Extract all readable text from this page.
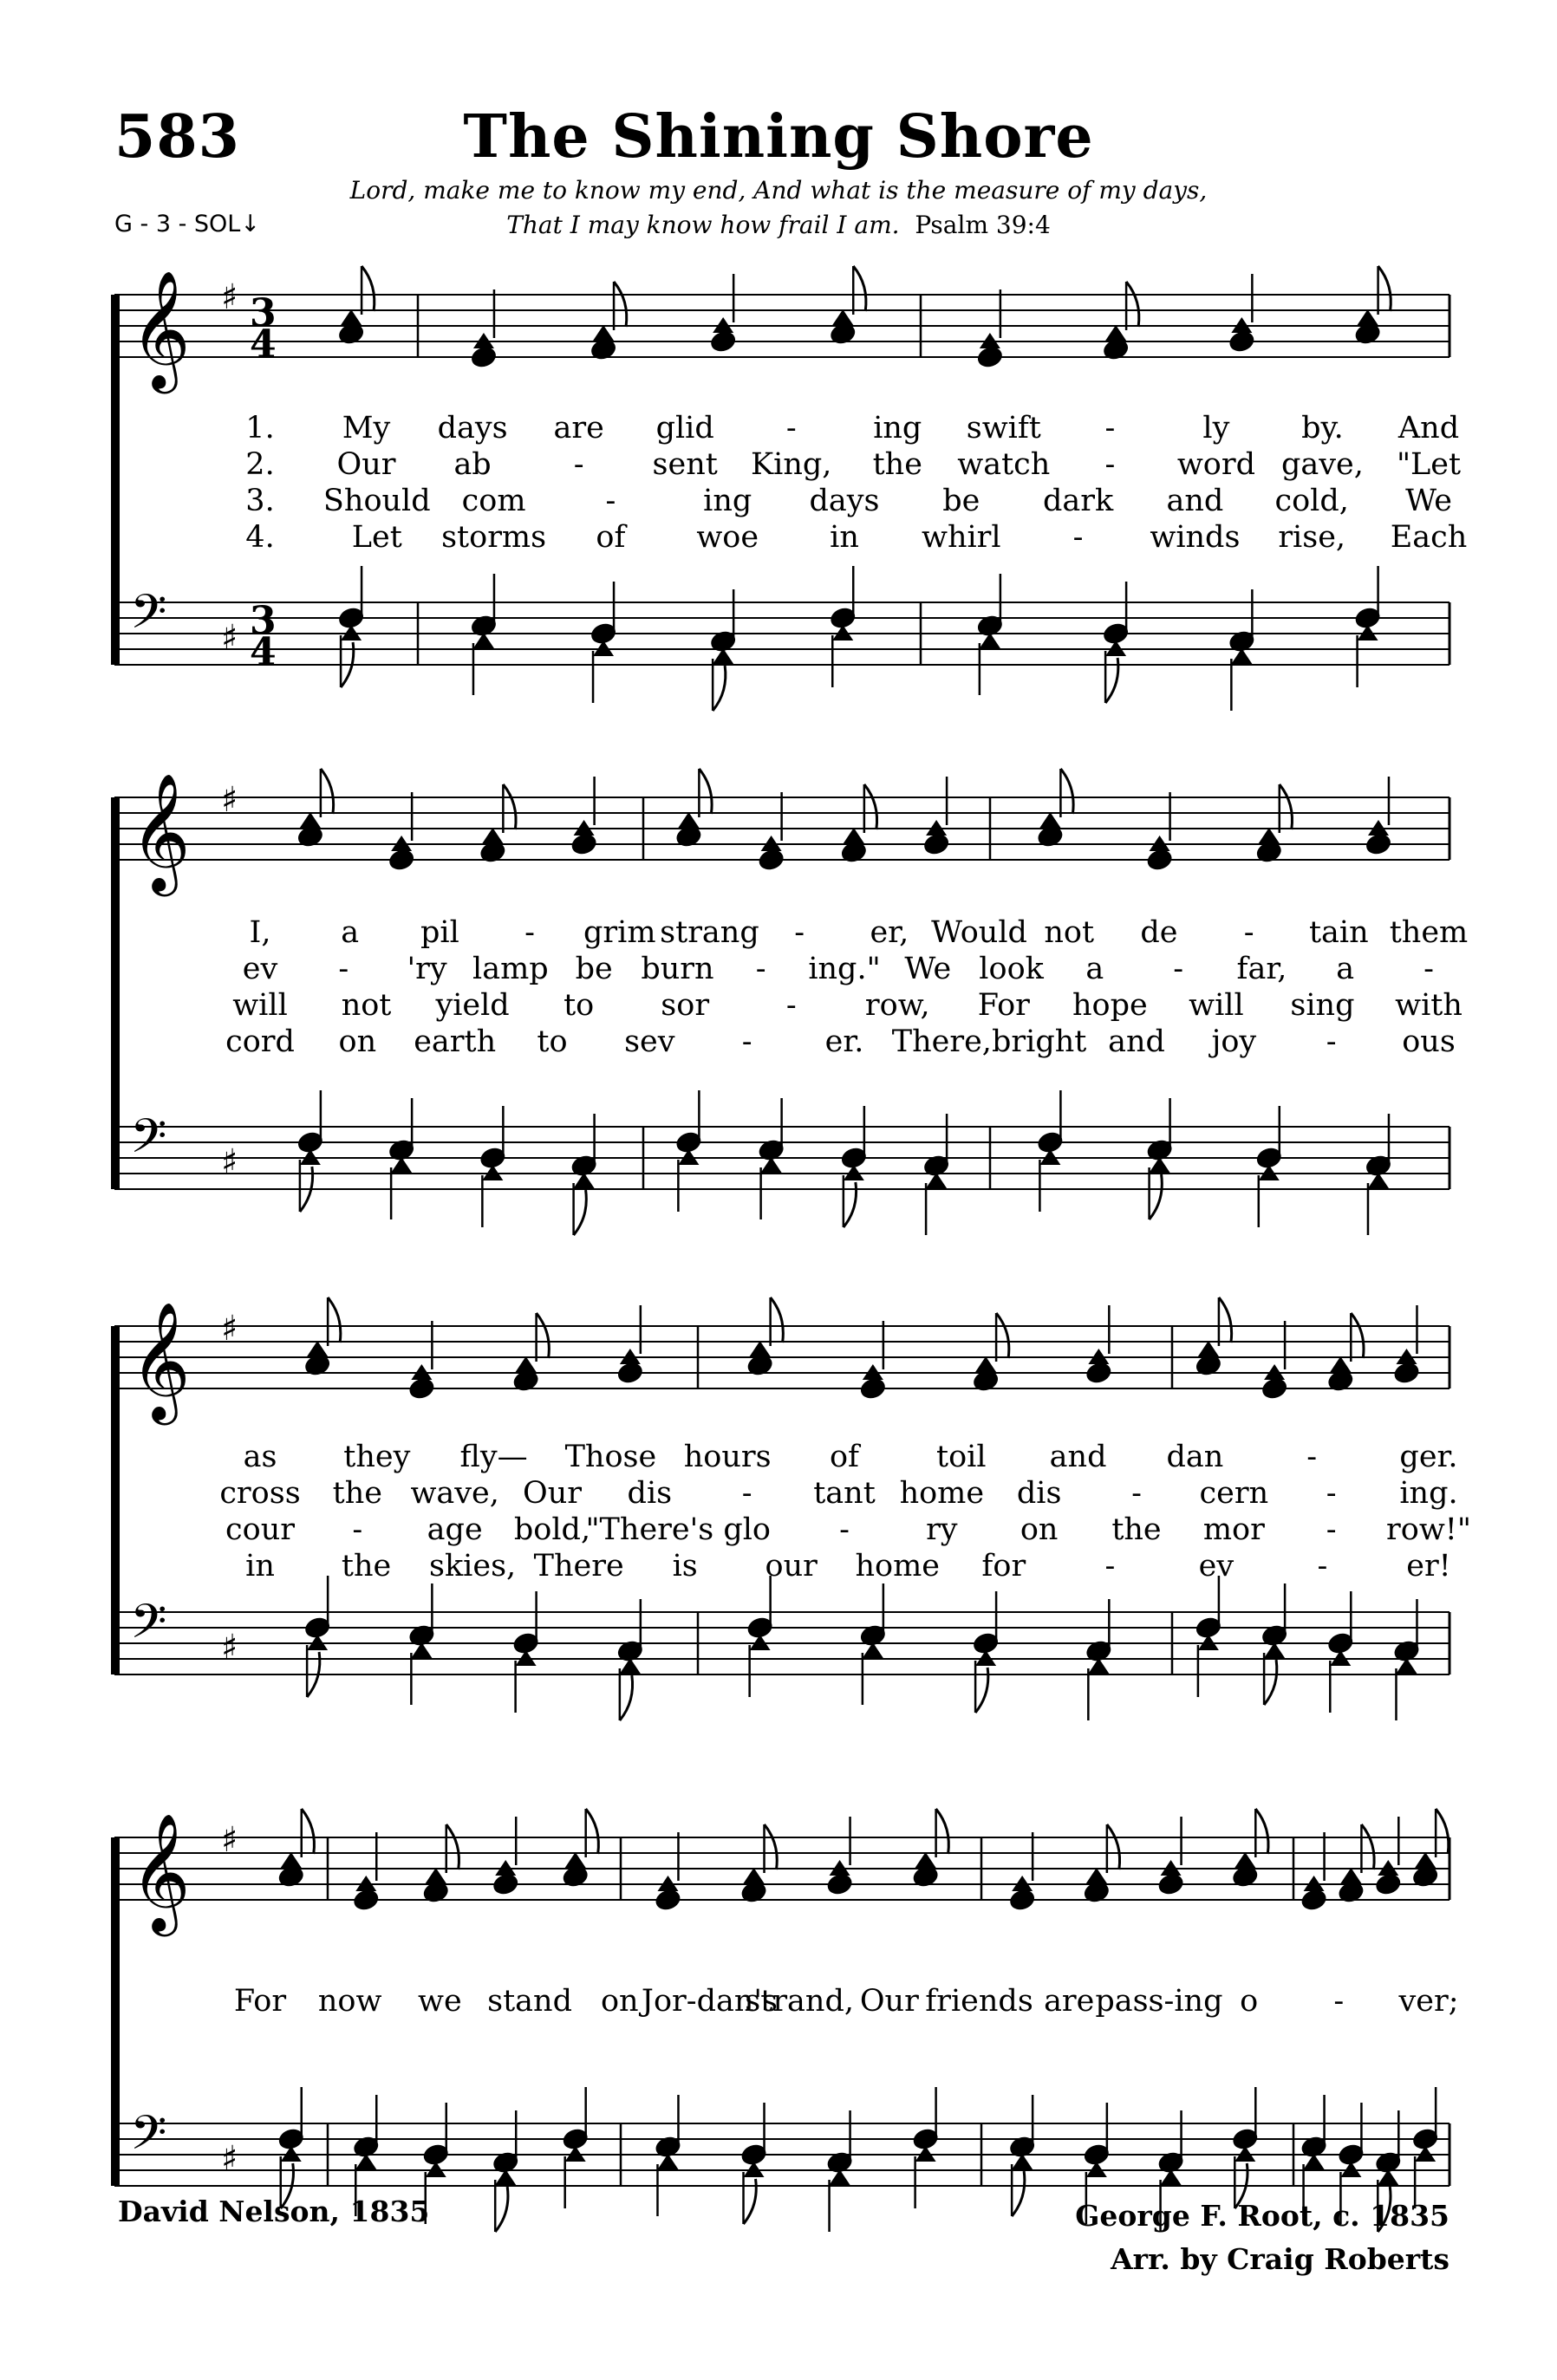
583	The Shining Shore
G - 3 - SOL↓
Lord, make me to know my end, And what is the measure of my days,
That I may know how frail I am. Psalm 39:4
𝄞 ♯ 3
4
𝄢 ♯ 3
4
1. My days are glid -	ing swift -	ly by. And
2. Our ab	- sent King, the watch - word gave, "Let
3. Should com	-	ing days be dark and cold, We
4.	Let storms of woe in whirl - winds rise, Each
𝄞 ♯
𝄢 ♯
I, a pil - grim strang - er, Would not de - tain them
ev - 'ry lamp be burn - ing." We look a - far, a -
will not yield to sor	- row, For hope will sing with
cord on earth to sev - er. There, bright and joy - ous
𝄞 ♯
𝄢 ♯
as they fly— Those hours of	toil and dan	-	ger.
cross the wave, Our dis - tant home dis - cern - ing.
cour - age bold,
"There's glo -	ry on the mor - row!"
in the skies, There is our home for	-	ev	-	er!
𝄞 ♯
𝄢 ♯
For now we stand on Jor-dan's
strand, Our friends are pass-ing o - ver;
David Nelson, 1835	George F. Root, c. 1835
Arr. by Craig Roberts
